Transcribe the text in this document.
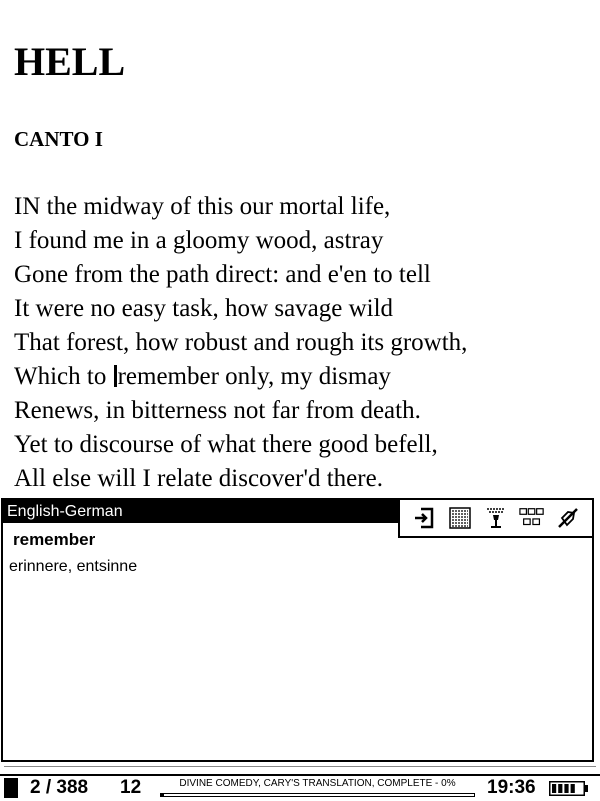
HELL
CANTO I
IN the midway of this our mortal life,
I found me in a gloomy wood, astray
Gone from the path direct: and e'en to tell
It were no easy task, how savage wild
That forest, how robust and rough its growth,
Which to remember only, my dismay
Renews, in bitterness not far from death.
Yet to discourse of what there good befell,
All else will I relate discover'd there.
English-German
remember
erinnere, entsinne
2 / 388 12	DIVINE COMEDY, CARY'S TRANSLATION, COMPLETE - 0%	19:36
